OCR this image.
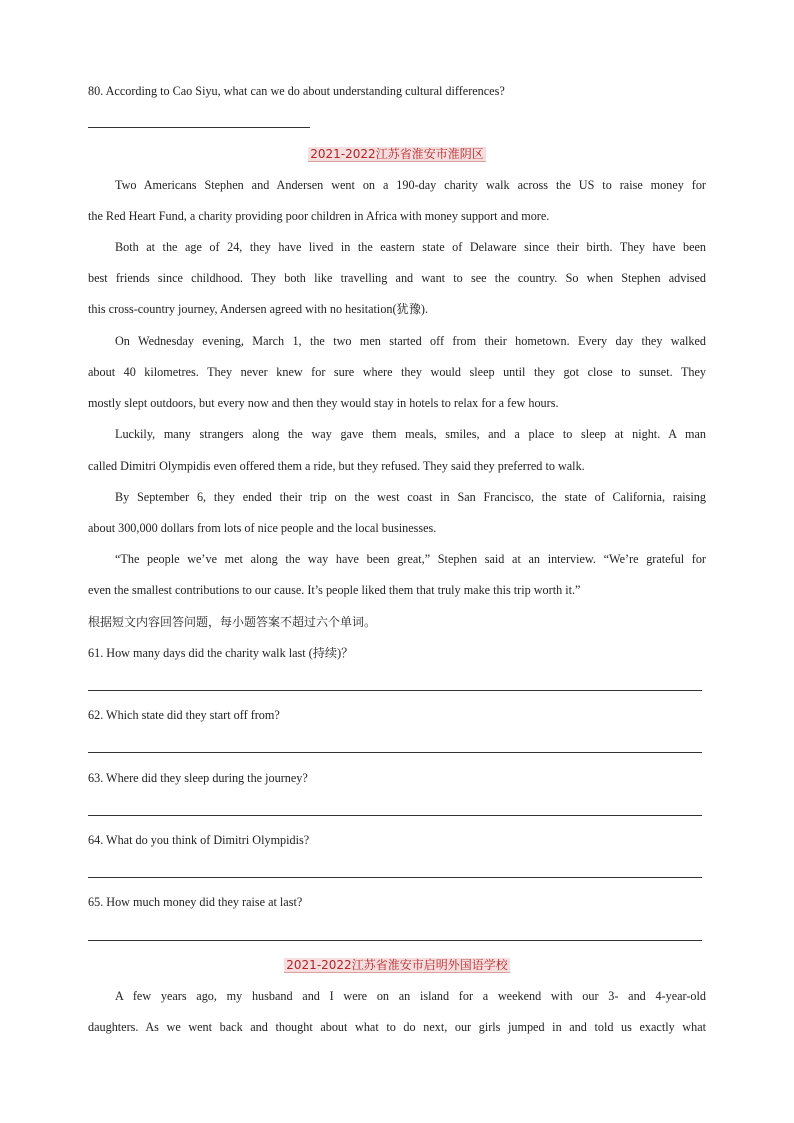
80. According to Cao Siyu, what can we do about understanding cultural differences?
2021-2022江苏省淮安市淮阴区
Two Americans Stephen and Andersen went on a 190-day charity walk across the US to raise money for
the Red Heart Fund, a charity providing poor children in Africa with money support and more.
Both at the age of 24, they have lived in the eastern state of Delaware since their birth. They have been
best friends since childhood. They both like travelling and want to see the country. So when Stephen advised
this cross-country journey, Andersen agreed with no hesitation(犹豫).
On Wednesday evening, March 1, the two men started off from their hometown. Every day they walked
about 40 kilometres. They never knew for sure where they would sleep until they got close to sunset. They
mostly slept outdoors, but every now and then they would stay in hotels to relax for a few hours.
Luckily, many strangers along the way gave them meals, smiles, and a place to sleep at night. A man
called Dimitri Olympidis even offered them a ride, but they refused. They said they preferred to walk.
By September 6, they ended their trip on the west coast in San Francisco, the state of California, raising
about 300,000 dollars from lots of nice people and the local businesses.
“The people we’ve met along the way have been great,” Stephen said at an interview. “We’re grateful for
even the smallest contributions to our cause. It’s people liked them that truly make this trip worth it.”
根据短文内容回答问题，每小题答案不超过六个单词。
61. How many days did the charity walk last (持续)？
62. Which state did they start off from?
63. Where did they sleep during the journey?
64. What do you think of Dimitri Olympidis?
65. How much money did they raise at last?
2021-2022江苏省淮安市启明外国语学校
A few years ago, my husband and I were on an island for a weekend with our 3- and 4-year-old
daughters. As we went back and thought about what to do next, our girls jumped in and told us exactly what
